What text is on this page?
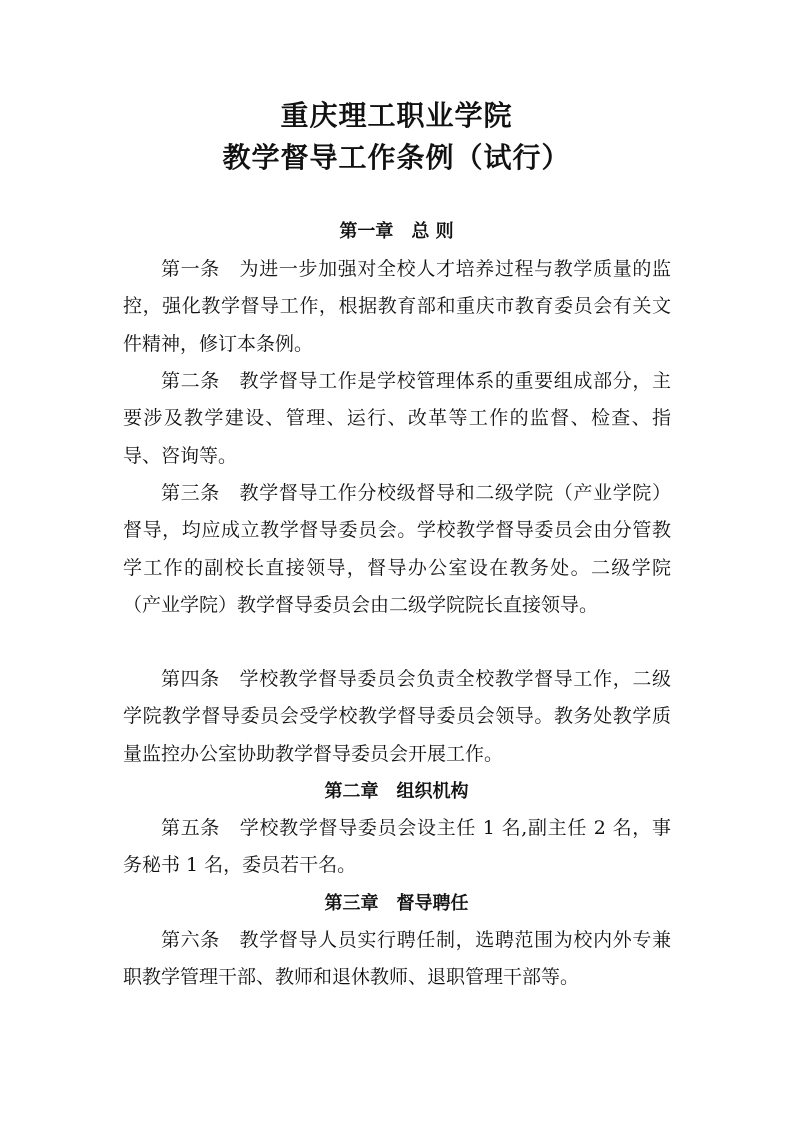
重庆理工职业学院
教学督导工作条例（试行）
第一章　总 则

第一条　为进一步加强对全校人才培养过程与教学质量的监控，强化教学督导工作，根据教育部和重庆市教育委员会有关文件精神，修订本条例。

第二条　教学督导工作是学校管理体系的重要组成部分，主要涉及教学建设、管理、运行、改革等工作的监督、检查、指导、咨询等。

第三条　教学督导工作分校级督导和二级学院（产业学院）督导，均应成立教学督导委员会。学校教学督导委员会由分管教学工作的副校长直接领导，督导办公室设在教务处。二级学院（产业学院）教学督导委员会由二级学院院长直接领导。

第四条　学校教学督导委员会负责全校教学督导工作，二级学院教学督导委员会受学校教学督导委员会领导。教务处教学质量监控办公室协助教学督导委员会开展工作。

第二章　组织机构

第五条　学校教学督导委员会设主任 1 名,副主任 2 名，事务秘书 1 名，委员若干名。

第三章　督导聘任

第六条　教学督导人员实行聘任制，选聘范围为校内外专兼职教学管理干部、教师和退休教师、退职管理干部等。
